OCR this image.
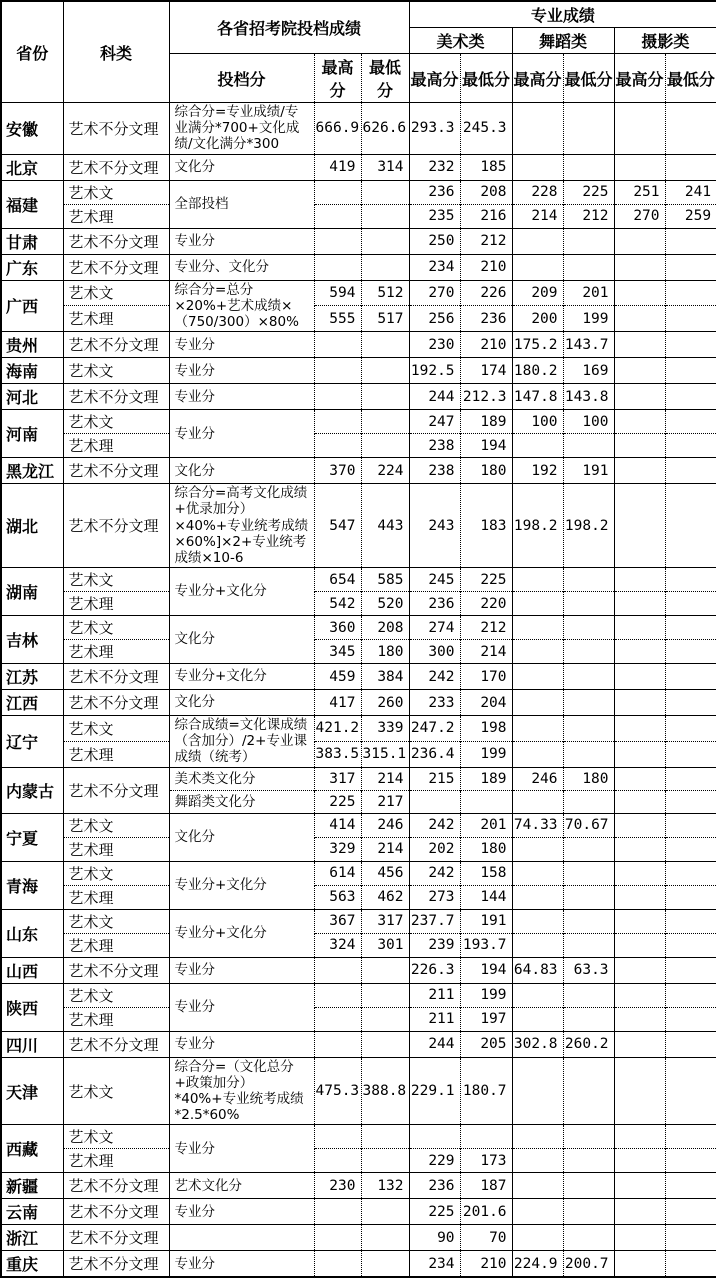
省份	科类	各省招考院投档成绩			专业成绩					
					美术类		舞蹈类		摄影类	
		投档分	最高分	最低分	最高分	最低分	最高分	最低分	最高分	最低分
安徽	艺术不分文理	综合分=专业成绩/专业满分*700+文化成绩/文化满分*300	666.9	626.6	293.3	245.3				
北京	艺术不分文理	文化分	419	314	232	185				
福建	艺术文	全部投档			236	208	228	225	251	241
	艺术理				235	216	214	212	270	259
甘肃	艺术不分文理	专业分			250	212				
广东	艺术不分文理	专业分、文化分			234	210				
广西	艺术文	综合分=总分×20%+艺术成绩×（750/300）×80%	594	512	270	226	209	201		
	艺术理		555	517	256	236	200	199		
贵州	艺术不分文理	专业分			230	210	175.2	143.7		
海南	艺术文	专业分			192.5	174	180.2	169		
河北	艺术不分文理	专业分			244	212.3	147.8	143.8		
河南	艺术文	专业分			247	189	100	100		
	艺术理				238	194				
黑龙江	艺术不分文理	文化分	370	224	238	180	192	191		
湖北	艺术不分文理	综合分=高考文化成绩+优录加分）×40%+专业统考成绩×60%]×2+专业统考成绩×10-6	547	443	243	183	198.2	198.2		
湖南	艺术文	专业分+文化分	654	585	245	225				
	艺术理		542	520	236	220				
吉林	艺术文	文化分	360	208	274	212				
	艺术理		345	180	300	214				
江苏	艺术不分文理	专业分+文化分	459	384	242	170				
江西	艺术不分文理	文化分	417	260	233	204				
辽宁	艺术文	综合成绩=文化课成绩（含加分）/2+专业课成绩（统考）	421.2	339	247.2	198				
	艺术理		383.5	315.1	236.4	199				
内蒙古	艺术不分文理	美术类文化分	317	214	215	189	246	180		
		舞蹈类文化分	225	217						
宁夏	艺术文	文化分	414	246	242	201	74.33	70.67		
	艺术理		329	214	202	180				
青海	艺术文	专业分+文化分	614	456	242	158				
	艺术理		563	462	273	144				
山东	艺术文	专业分+文化分	367	317	237.7	191				
	艺术理		324	301	239	193.7				
山西	艺术不分文理	专业分			226.3	194	64.83	63.3		
陕西	艺术文	专业分			211	199				
	艺术理				211	197				
四川	艺术不分文理	专业分			244	205	302.8	260.2		
天津	艺术文	综合分=（文化总分+政策加分）*40%+专业统考成绩*2.5*60%	475.3	388.8	229.1	180.7				
西藏	艺术文	专业分								
	艺术理				229	173				
新疆	艺术不分文理	艺术文化分	230	132	236	187				
云南	艺术不分文理	专业分			225	201.6				
浙江	艺术不分文理				90	70				
重庆	艺术不分文理	专业分			234	210	224.9	200.7		
